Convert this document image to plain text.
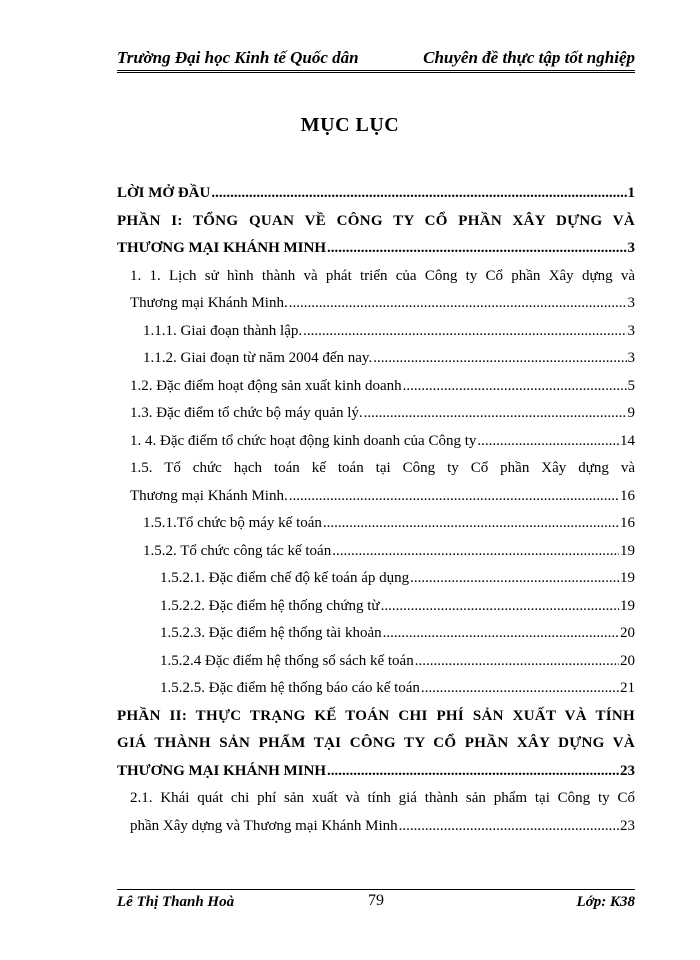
Trường Đại học Kinh tế Quốc dân	Chuyên đề thực tập tốt nghiệp
MỤC LỤC
LỜI MỞ ĐẦU .....	1
PHẦN I: TỔNG QUAN VỀ CÔNG TY CỔ PHẦN XÂY DỰNG VÀ
THƯƠNG MẠI KHÁNH MINH .....	3
1. 1. Lịch sử hình thành và phát triển của Công ty Cổ phần Xây dựng và
Thương mại Khánh Minh. .....	3
1.1.1. Giai đoạn thành lập. .....	3
1.1.2. Giai đoạn từ năm 2004 đến nay. .....	3
1.2. Đặc điểm hoạt động sản xuất kinh doanh .....	5
1.3. Đặc điểm tổ chức bộ máy quản lý. .....	9
1. 4. Đặc điểm tổ chức hoạt động kinh doanh của Công ty .....	14
1.5. Tổ chức hạch toán kế toán tại Công ty Cổ phần Xây dựng và
Thương mại Khánh Minh. .....	16
1.5.1.Tổ chức bộ máy kế toán .....	16
1.5.2. Tổ chức công tác kế toán .....	19
1.5.2.1. Đặc điểm chế độ kế toán áp dụng .....	19
1.5.2.2. Đặc điểm hệ thống chứng từ .....	19
1.5.2.3. Đặc điểm hệ thống tài khoản .....	20
1.5.2.4 Đặc điểm hệ thống sổ sách kế toán .....	20
1.5.2.5. Đặc điểm hệ thống báo cáo kế toán .....	21
PHẦN II: THỰC TRẠNG KẾ TOÁN CHI PHÍ SẢN XUẤT VÀ TÍNH
GIÁ THÀNH SẢN PHẨM TẠI CÔNG TY CỔ PHẦN XÂY DỰNG VÀ
THƯƠNG MẠI KHÁNH MINH .....	23
2.1. Khái quát chi phí sản xuất và tính giá thành sản phẩm tại Công ty Cổ
phần Xây dựng và Thương mại Khánh Minh .....	23
Lê Thị Thanh Hoà	79	Lớp: K38
